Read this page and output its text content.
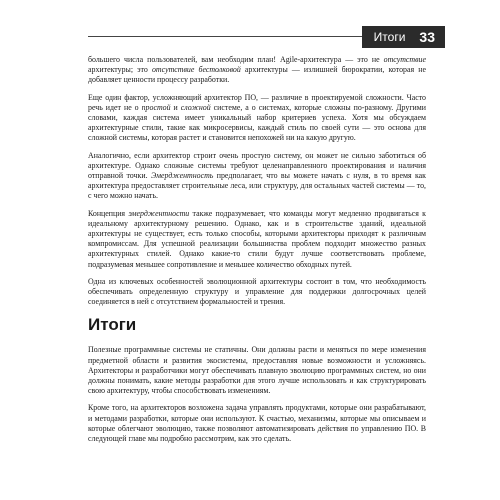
Итоги 33

большего числа пользователей, вам необходим план! Agile-архитектура — это не отсутствие архитектуры; это отсутствие бестолковой архитектуры — излишней бюрократии, которая не добавляет ценности процессу разработки.

Еще один фактор, усложняющий архитектор ПО, — различие в проектируемой сложности. Часто речь идет не о простой и сложной системе, а о системах, которые сложны по-разному. Другими словами, каждая система имеет уникальный набор критериев успеха. Хотя мы обсуждаем архитектурные стили, такие как микросервисы, каждый стиль по своей сути — это основа для сложной системы, которая растет и становится непохожей ни на какую другую.

Аналогично, если архитектор строит очень простую систему, он может не сильно заботиться об архитектуре. Однако сложные системы требуют целенаправленного проектирования и наличия отправной точки. Эмерджентность предполагает, что вы можете начать с нуля, в то время как архитектура предоставляет строительные леса, или структуру, для остальных частей системы — то, с чего можно начать.

Концепция эмерджентности также подразумевает, что команды могут медленно продвигаться к идеальному архитектурному решению. Однако, как и в строительстве зданий, идеальной архитектуры не существует, есть только способы, которыми архитекторы приходят к различным компромиссам. Для успешной реализации большинства проблем подходит множество разных архитектурных стилей. Однако какие-то стили будут лучше соответствовать проблеме, подразумевая меньшее сопротивление и меньшее количество обходных путей.

Одна из ключевых особенностей эволюционной архитектуры состоит в том, что необходимость обеспечивать определенную структуру и управление для поддержки долгосрочных целей соединяется в ней с отсутствием формальностей и трения.

Итоги

Полезные программные системы не статичны. Они должны расти и меняться по мере изменения предметной области и развития экосистемы, предоставляя новые возможности и усложняясь. Архитекторы и разработчики могут обеспечивать плавную эволюцию программных систем, но они должны понимать, какие методы разработки для этого лучше использовать и как структурировать свою архитектуру, чтобы способствовать изменениям.

Кроме того, на архитекторов возложена задача управлять продуктами, которые они разрабатывают, и методами разработки, которые они используют. К счастью, механизмы, которые мы описываем и которые облегчают эволюцию, также позволяют автоматизировать действия по управлению ПО. В следующей главе мы подробно рассмотрим, как это сделать.
